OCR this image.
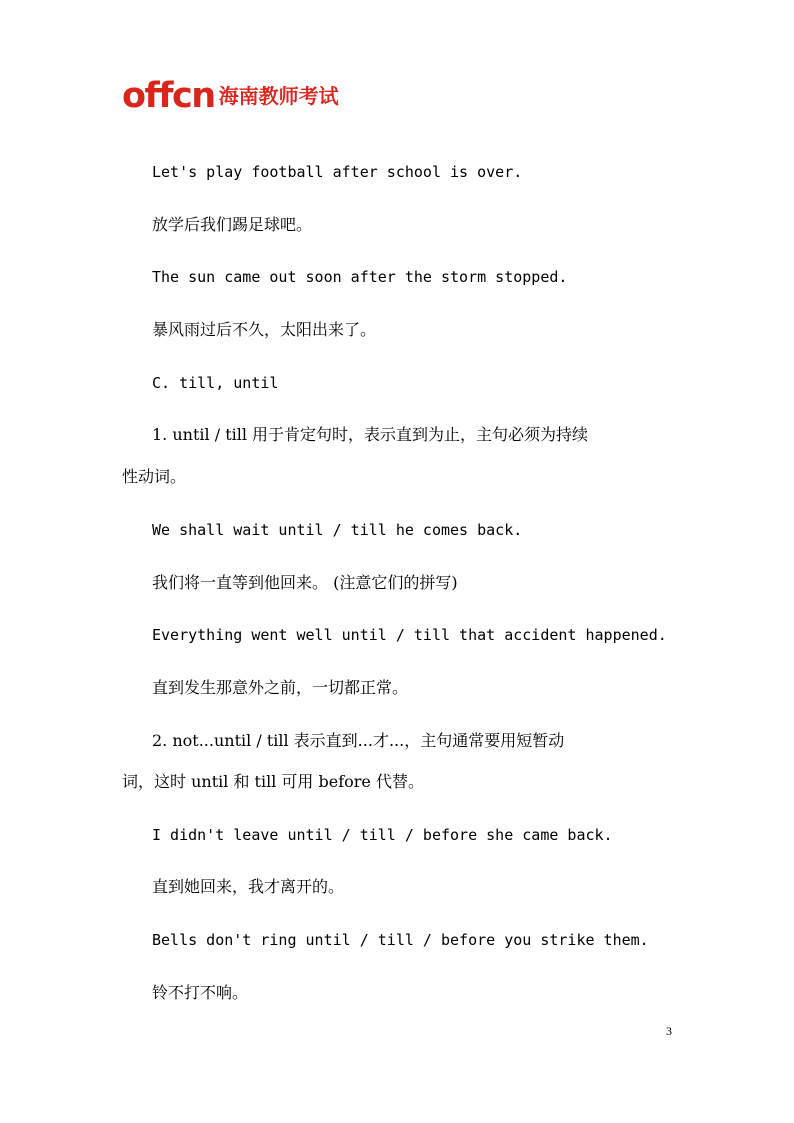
offcn 海南教师考试
Let's play football after school is over.
放学后我们踢足球吧。
The sun came out soon after the storm stopped.
暴风雨过后不久，太阳出来了。
C. till, until
1. until / till 用于肯定句时，表示直到为止，主句必须为持续
性动词。
We shall wait until / till he comes back.
我们将一直等到他回来。 (注意它们的拼写)
Everything went well until / till that accident happened.
直到发生那意外之前，一切都正常。
2. not...until / till 表示直到...才...，主句通常要用短暂动
词，这时 until 和 till 可用 before 代替。
I didn't leave until / till / before she came back.
直到她回来，我才离开的。
Bells don't ring until / till / before you strike them.
铃不打不响。
3
